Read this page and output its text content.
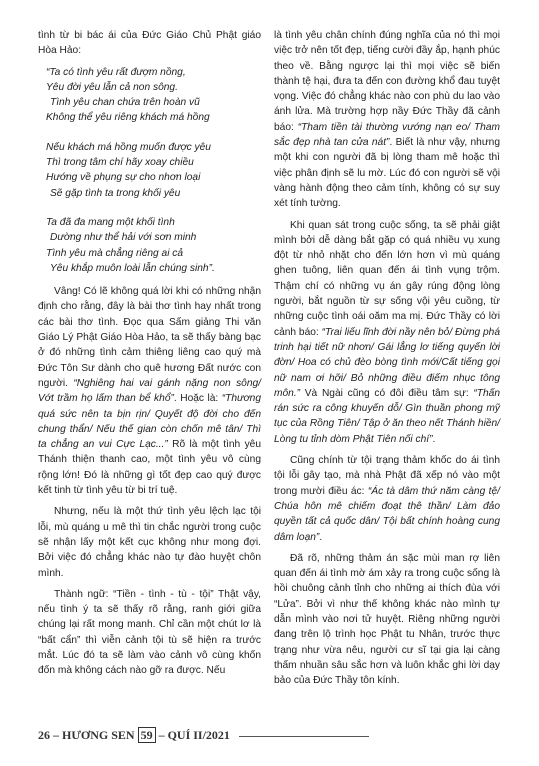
tình từ bi bác ái của Đức Giáo Chủ Phật giáo Hòa Hảo:

“Ta có tình yêu rất đượm nồng,
Yêu đời yêu lẫn cả non sông.
Tình yêu chan chứa trên hoàn vũ
Không thể yêu riêng khách má hồng
Nếu khách má hồng muốn được yêu
Thì trong tâm chí hãy xoay chiều
Hướng về phụng sự cho nhơn loại
Sẽ gặp tình ta trong khối yêu
Ta đã đa mang một khối tình
Dường như thể hải với sơn minh
Tình yêu mà chẳng riêng ai cả
Yêu khắp muôn loài lẫn chúng sinh”.

Vâng! Có lẽ không quá lời khi có những nhận định cho rằng, đây là bài thơ tình hay nhất trong các bài thơ tình. Đọc qua Sấm giảng Thi văn Giáo Lý Phật Giáo Hòa Hảo, ta sẽ thấy bàng bạc ở đó những tình cảm thiêng liêng cao quý mà Đức Tôn Sư dành cho quê hương Đất nước con người. “Nghiêng hai vai gánh nặng non sông/ Vớt trầm họ lấm than bể khổ”. Hoặc là: “Thương quá sức nên ta bịn rịn/ Quyết độ đời cho đến chung thẩn/ Nếu thế gian còn chốn mê tân/ Thì ta chẳng an vui Cực Lạc...” Rõ là một tình yêu Thánh thiện thanh cao, một tình yêu vô cùng rộng lớn! Đó là những gì tốt đẹp cao quý được kết tinh từ tình yêu từ bi trí tuệ.

Nhưng, nếu là một thứ tình yêu lệch lạc tội lỗi, mù quáng u mê thì tin chắc người trong cuộc sẽ nhận lấy một kết cục không như mong đợi. Bởi việc đó chẳng khác nào tự đào huyệt chôn mình.

Thành ngữ: “Tiền - tình - tù - tội” Thật vậy, nếu tình ý ta sẽ thấy rõ rằng, ranh giới giữa chúng lại rất mong manh. Chỉ cần một chút lơ là “bất cẩn” thì viễn cảnh tội tù sẽ hiện ra trước mắt. Lúc đó ta sẽ làm vào cảnh vô cùng khốn đốn mà không cách nào gỡ ra được. Nếu

là tình yêu chân chính đúng nghĩa của nó thì mọi việc trở nên tốt đẹp, tiếng cười đầy ắp, hạnh phúc theo về. Bằng ngược lại thì mọi việc sẽ biến thành tệ hại, đưa ta đến con đường khổ đau tuyệt vọng. Việc đó chẳng khác nào con phù du lao vào ánh lửa. Mà trường hợp nầy Đức Thầy đã cảnh báo: “Tham tiền tài thường vướng nạn eo/ Tham sắc đẹp nhà tan cửa nát”. Biết là như vậy, nhưng một khi con người đã bị lòng tham mê hoặc thì việc phân định sẽ lu mờ. Lúc đó con người sẽ vội vàng hành động theo cảm tính, không có sự suy xét tính tường.

Khi quan sát trong cuộc sống, ta sẽ phải giật mình bởi dễ dàng bắt gặp có quá nhiều vụ xung đột từ nhỏ nhặt cho đến lớn hơn vì mù quáng ghen tuông, liên quan đến ái tình vụng trộm. Thậm chí có những vụ án gây rúng động lòng người, bắt nguồn từ sự sống vội yêu cuồng, từ những cuộc tình oái oăm ma mị. Đức Thầy có lời cảnh báo: “Trai liếu lĩnh đời nầy nên bỏ/ Đừng phá trinh hại tiết nữ nhơn/ Gái lẳng lơ tiếng quyến lời đờn/ Hoa có chủ đèo bòng tình mới/Cất tiếng gọi nữ nam ơi hỡi/ Bỏ những điều điếm nhục tông môn.” Và Ngài cũng có đôi điều tâm sự: “Thấn rán sức ra công khuyến dỗ/ Gìn thuần phong mỹ tục của Rồng Tiên/ Tập ở ăn theo nết Thánh hiền/ Lòng tu tỉnh dòm Phật Tiên nối chí”.

Cũng chính từ tội trạng thảm khốc do ái tình tội lỗi gây tạo, mà nhà Phật đã xếp nó vào một trong mười điều ác: “Ác tà dâm thứ năm càng tệ/ Chúa hôn mê chiếm đoạt thê thần/ Làm đảo quyền tất cả quốc dân/ Tội bất chính hoàng cung dâm loạn”.

Đã rõ, những thảm án sặc mùi man rợ liên quan đến ái tình mờ ám xảy ra trong cuộc sống là hồi chuông cảnh tỉnh cho những ai thích đùa với “Lửa”. Bởi vì như thế không khác nào mình tự dẫn mình vào nơi tử huyệt. Riêng những người đang trên lộ trình học Phật tu Nhân, trước thực trạng như vừa nêu, người cư sĩ tại gia lại càng thấm nhuần sâu sắc hơn và luôn khắc ghi lời dạy bảo của Đức Thầy tôn kính.

26 – HƯƠNG SEN 59 – QUÍ II/2021
